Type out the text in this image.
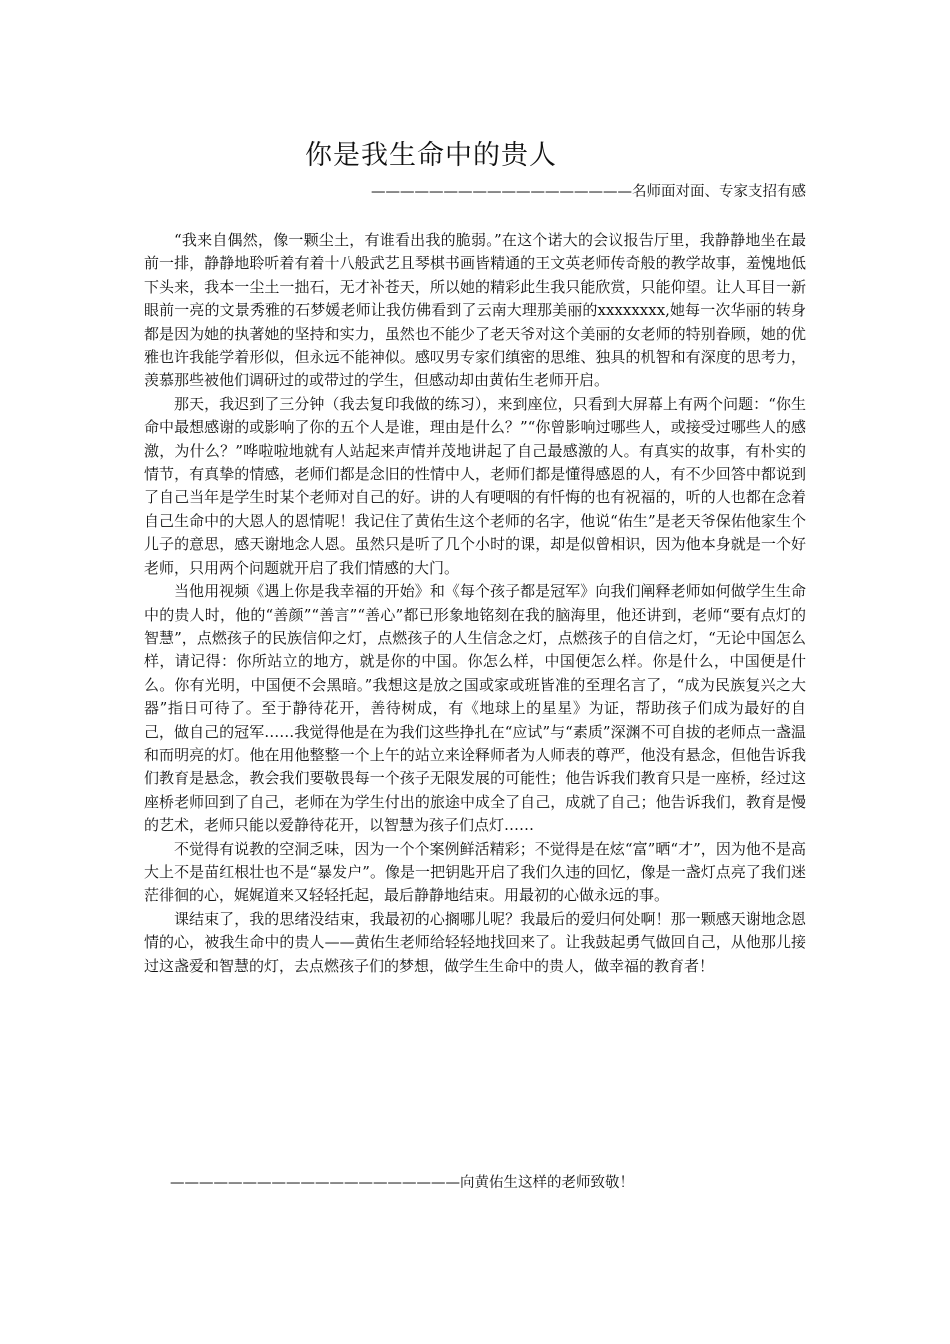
你是我生命中的贵人

——————————————————名师面对面、专家支招有感

“我来自偶然，像一颗尘土，有谁看出我的脆弱。”在这个诺大的会议报告厅里，我静静地坐在最前一排，静静地聆听着有着十八般武艺且琴棋书画皆精通的王文英老师传奇般的教学故事，羞愧地低下头来，我本一尘土一拙石，无才补苍天，所以她的精彩此生我只能欣赏，只能仰望。让人耳目一新眼前一亮的文景秀雅的石梦媛老师让我仿佛看到了云南大理那美丽的xxxxxxxx,她每一次华丽的转身都是因为她的执著她的坚持和实力，虽然也不能少了老天爷对这个美丽的女老师的特别眷顾，她的优雅也许我能学着形似，但永远不能神似。感叹男专家们缜密的思维、独具的机智和有深度的思考力，羡慕那些被他们调研过的或带过的学生，但感动却由黄佑生老师开启。

那天，我迟到了三分钟（我去复印我做的练习），来到座位，只看到大屏幕上有两个问题：“你生命中最想感谢的或影响了你的五个人是谁，理由是什么？”“你曾影响过哪些人，或接受过哪些人的感激，为什么？”哗啦啦地就有人站起来声情并茂地讲起了自己最感激的人。有真实的故事，有朴实的情节，有真挚的情感，老师们都是念旧的性情中人，老师们都是懂得感恩的人，有不少回答中都说到了自己当年是学生时某个老师对自己的好。讲的人有哽咽的有忏悔的也有祝福的，听的人也都在念着自己生命中的大恩人的恩情呢！我记住了黄佑生这个老师的名字，他说“佑生”是老天爷保佑他家生个儿子的意思，感天谢地念人恩。虽然只是听了几个小时的课，却是似曾相识，因为他本身就是一个好老师，只用两个问题就开启了我们情感的大门。

当他用视频《遇上你是我幸福的开始》和《每个孩子都是冠军》向我们阐释老师如何做学生生命中的贵人时，他的“善颜”“善言”“善心”都已形象地铭刻在我的脑海里，他还讲到，老师“要有点灯的智慧”，点燃孩子的民族信仰之灯，点燃孩子的人生信念之灯，点燃孩子的自信之灯，“无论中国怎么样，请记得：你所站立的地方，就是你的中国。你怎么样，中国便怎么样。你是什么，中国便是什么。你有光明，中国便不会黑暗。”我想这是放之国或家或班皆准的至理名言了，“成为民族复兴之大器”指日可待了。至于静待花开，善待树成，有《地球上的星星》为证，帮助孩子们成为最好的自己，做自己的冠军……我觉得他是在为我们这些挣扎在“应试”与“素质”深渊不可自拔的老师点一盏温和而明亮的灯。他在用他整整一个上午的站立来诠释师者为人师表的尊严，他没有悬念，但他告诉我们教育是悬念，教会我们要敬畏每一个孩子无限发展的可能性；他告诉我们教育只是一座桥，经过这座桥老师回到了自己，老师在为学生付出的旅途中成全了自己，成就了自己；他告诉我们，教育是慢的艺术，老师只能以爱静待花开，以智慧为孩子们点灯……

不觉得有说教的空洞乏味，因为一个个案例鲜活精彩；不觉得是在炫“富”晒“才”，因为他不是高大上不是苗红根壮也不是“暴发户”。像是一把钥匙开启了我们久违的回忆，像是一盏灯点亮了我们迷茫徘徊的心，娓娓道来又轻轻托起，最后静静地结束。用最初的心做永远的事。

课结束了，我的思绪没结束，我最初的心搁哪儿呢？我最后的爱归何处啊！那一颗感天谢地念恩情的心，被我生命中的贵人——黄佑生老师给轻轻地找回来了。让我鼓起勇气做回自己，从他那儿接过这盏爱和智慧的灯，去点燃孩子们的梦想，做学生生命中的贵人，做幸福的教育者！

————————————————————向黄佑生这样的老师致敬！
